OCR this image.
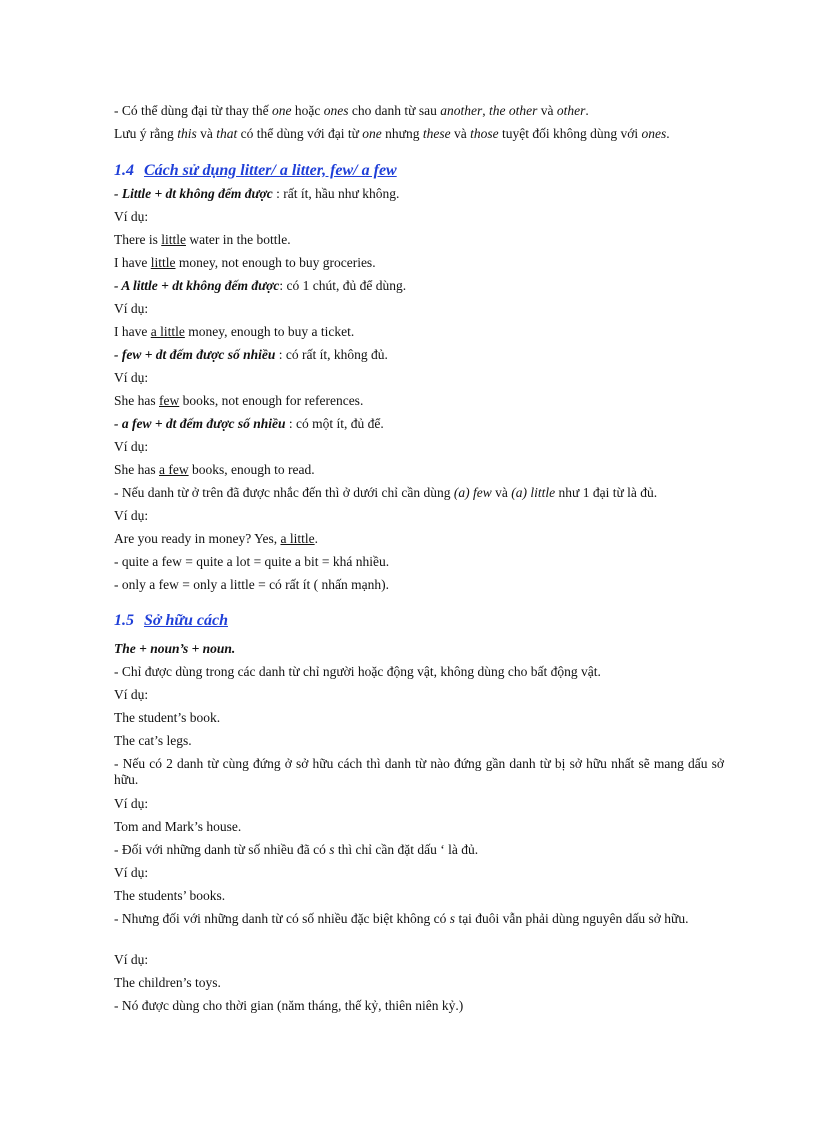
- Có thể dùng đại từ thay thế one hoặc ones cho danh từ sau another, the other và other.
Lưu ý rằng this và that có thể dùng với đại từ one nhưng these và those tuyệt đối không dùng với ones.
1.4 Cách sử dụng litter/ a litter, few/ a few
- Little + dt không đếm được : rất ít, hầu như không.
Ví dụ:
There is little water in the bottle.
I have little money, not enough to buy groceries.
- A little + dt không đếm được: có 1 chút, đủ để dùng.
Ví dụ:
I have a little money, enough to buy a ticket.
- few + dt đếm được số nhiều : có rất ít, không đủ.
Ví dụ:
She has few books, not enough for references.
- a few + dt đếm được số nhiều : có một ít, đủ để.
Ví dụ:
She has a few books, enough to read.
- Nếu danh từ ở trên đã được nhắc đến thì ở dưới chỉ cần dùng (a) few và (a) little như 1 đại từ là đủ.
Ví dụ:
Are you ready in money? Yes, a little.
- quite a few = quite a lot = quite a bit = khá nhiều.
- only a few = only a little = có rất ít ( nhấn mạnh).
1.5 Sở hữu cách
The + noun’s + noun.
- Chỉ được dùng trong các danh từ chỉ người hoặc động vật, không dùng cho bất động vật.
Ví dụ:
The student’s book.
The cat’s legs.
- Nếu có 2 danh từ cùng đứng ở sở hữu cách thì danh từ nào đứng gần danh từ bị sở hữu nhất sẽ mang dấu sở hữu.
Ví dụ:
Tom and Mark’s house.
- Đối với những danh từ số nhiều đã có s thì chỉ cần đặt dấu ‘ là đủ.
Ví dụ:
The students’ books.
- Nhưng đối với những danh từ có số nhiều đặc biệt không có s tại đuôi vẫn phải dùng nguyên dấu sở hữu.
Ví dụ:
The children’s toys.
- Nó được dùng cho thời gian (năm tháng, thế kỷ, thiên niên kỷ.)
